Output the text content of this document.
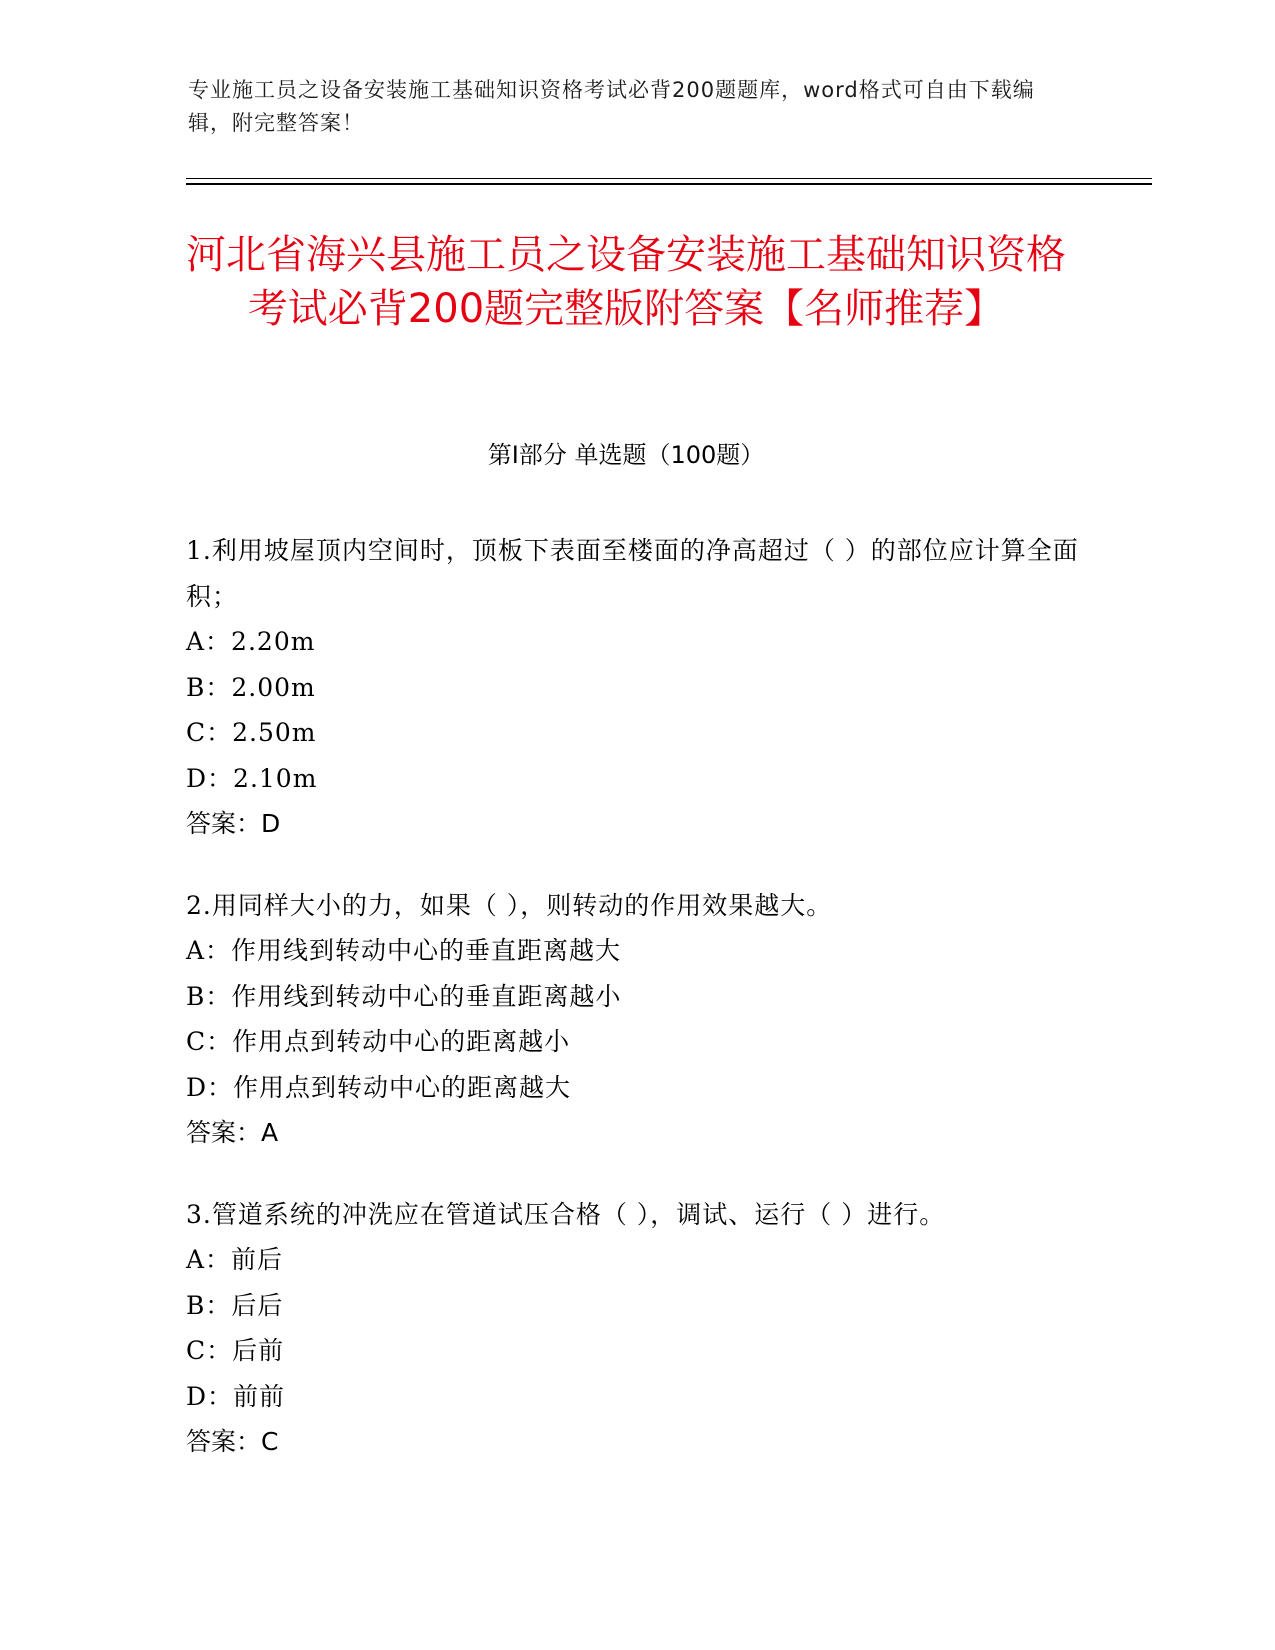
专业施工员之设备安装施工基础知识资格考试必背200题题库，word格式可自由下载编辑，附完整答案！
河北省海兴县施工员之设备安装施工基础知识资格考试必背200题完整版附答案【名师推荐】
第I部分 单选题（100题）

1.利用坡屋顶内空间时，顶板下表面至楼面的净高超过（ ）的部位应计算全面积；

A：2.20m

B：2.00m

C：2.50m

D：2.10m

答案：D

2.用同样大小的力，如果（ ），则转动的作用效果越大。

A：作用线到转动中心的垂直距离越大

B：作用线到转动中心的垂直距离越小

C：作用点到转动中心的距离越小

D：作用点到转动中心的距离越大

答案：A

3.管道系统的冲洗应在管道试压合格（ ），调试、运行（ ）进行。

A：前后

B：后后

C：后前

D：前前

答案：C
